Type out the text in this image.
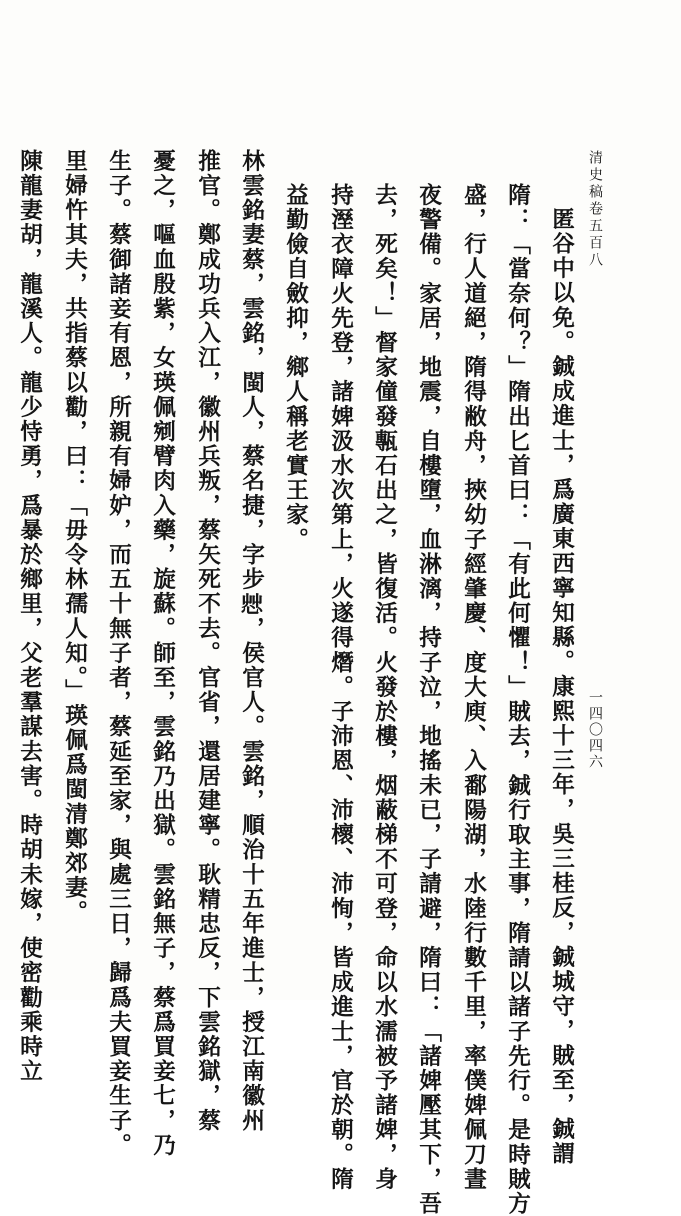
清史稿卷五百八
一四〇四六
匿谷中以免。鋮成進士，爲廣東西寧知縣。康熙十三年，吳三桂反，鋮城守，賊至，鋮謂
隋：「當奈何？」隋出匕首曰：「有此何懼！」賊去，鋮行取主事，隋請以諸子先行。是時賊方
盛，行人道絕，隋得敝舟，挾幼子經肇慶、度大庾、入鄱陽湖，水陸行數千里，率僕婢佩刀晝
夜警備。家居，地震，自樓墮，血淋漓，持子泣，地搖未已，子請避，隋曰：「諸婢壓其下，吾
去，死矣！」督家僮發甎石出之，皆復活。火發於樓，烟蔽梯不可登，命以水濡被予諸婢，身
持溼衣障火先登，諸婢汲水次第上，火遂得熸。子沛恩、沛櫰、沛恂，皆成進士，官於朝。隋
益勤儉自斂抑，鄉人稱老實王家。
林雲銘妻蔡，雲銘，閩人，蔡名捷，字步𢘿，侯官人。雲銘，順治十五年進士，授江南徽州
推官。鄭成功兵入江，徽州兵叛，蔡矢死不去。官省，還居建寧。耿精忠反，下雲銘獄，蔡
憂之，嘔血殷紫，女瑛佩剜臂肉入藥，旋蘇。師至，雲銘乃出獄。雲銘無子，蔡爲買妾七，乃
生子。蔡御諸妾有恩，所親有婦妒，而五十無子者，蔡延至家，與處三日，歸爲夫買妾生子。
里婦忤其夫，共指蔡以勸，曰：「毋令林孺人知。」瑛佩爲閩清鄭郊妻。
陳龍妻胡，龍溪人。龍少恃勇，爲暴於鄉里，父老羣謀去害。時胡未嫁，使密勸乘時立
